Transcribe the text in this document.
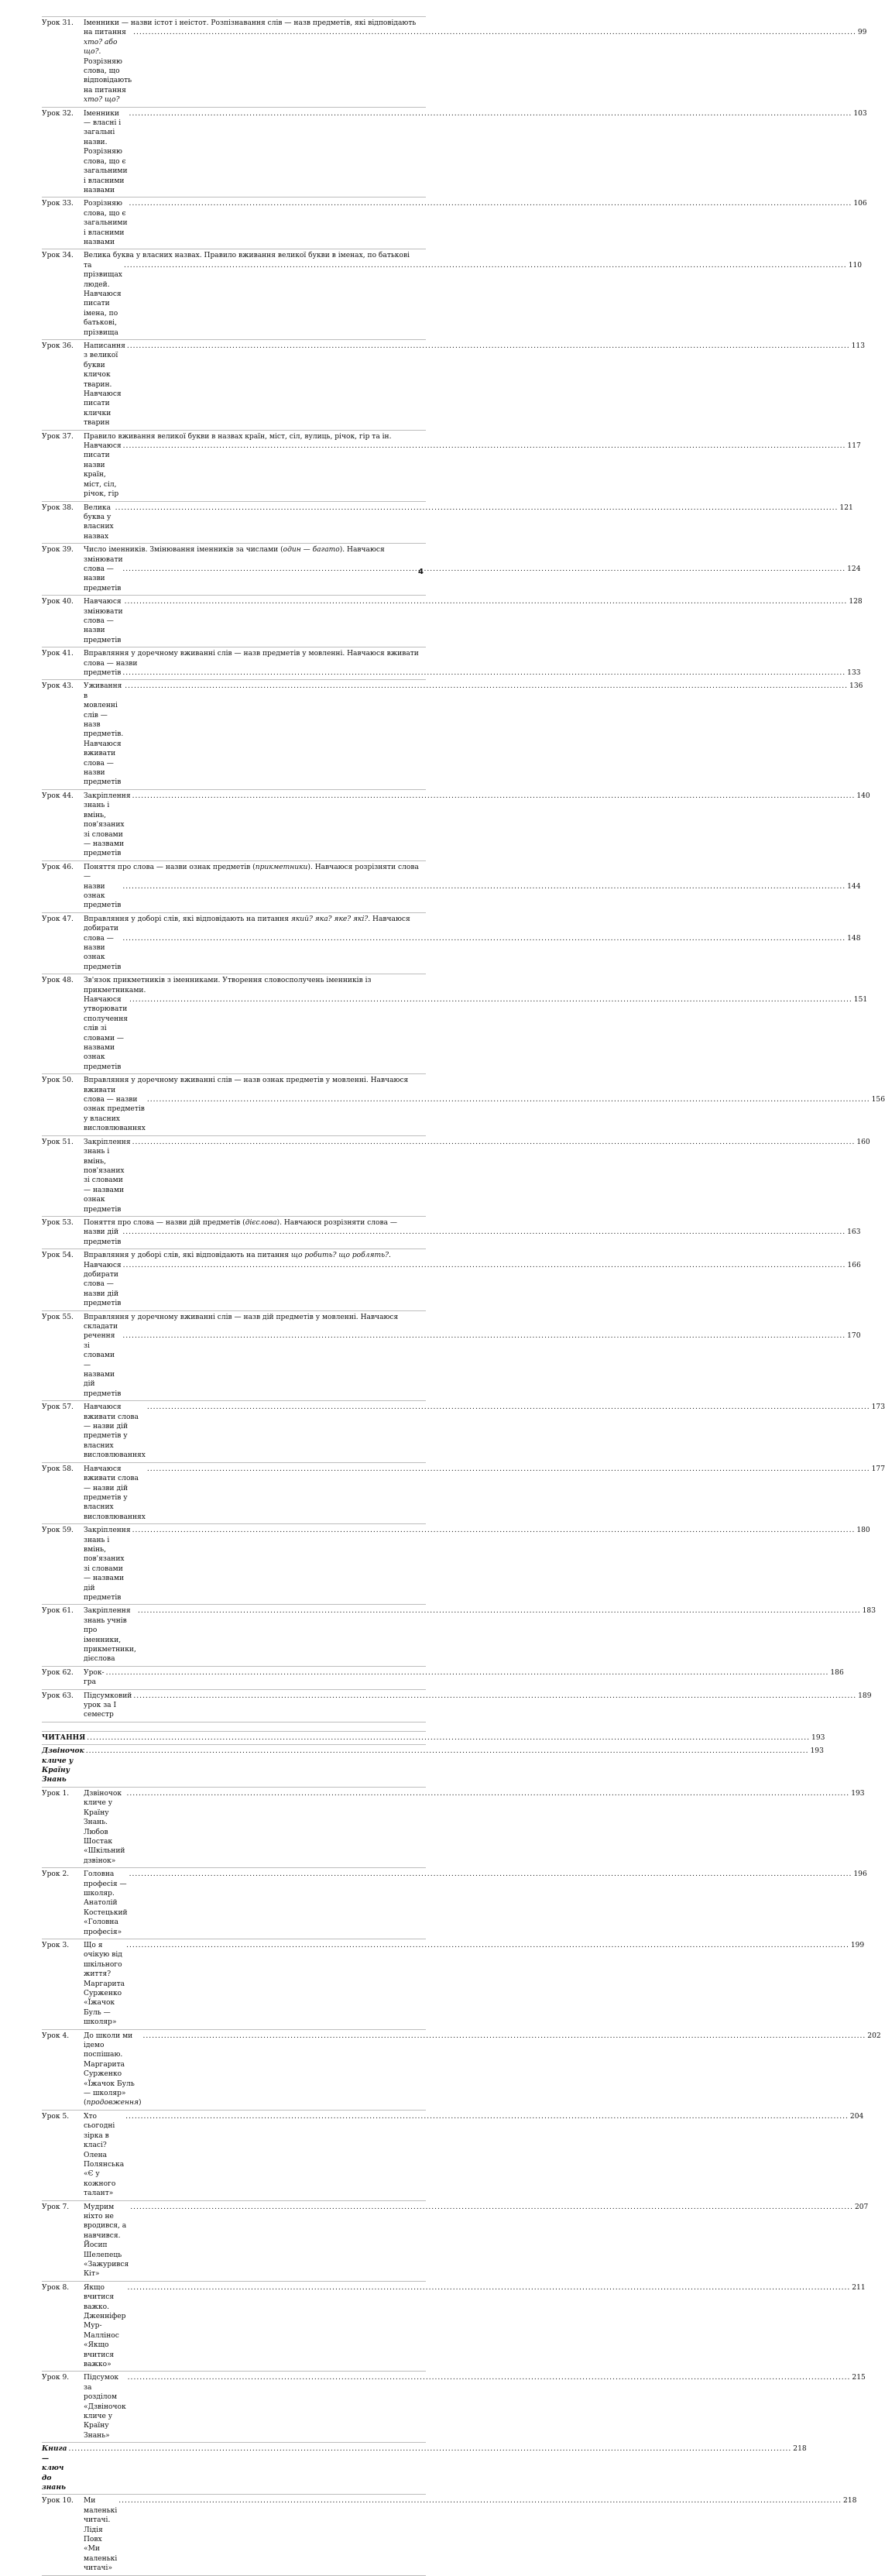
Урок 31. Іменники — назви істот і неістот. Розпізнавання слів — назв предметів, які відповідають
на питання хто? або що?. Розрізняю слова, що відповідають на питання хто? що?
.....
99
Урок 32. Іменники — власні і загальні назви. Розрізняю слова, що є загальними і власними назвами
.....
103
Урок 33. Розрізняю слова, що є загальними і власними назвами
.....
106
Урок 34. Велика буква у власних назвах. Правило вживання великої букви в іменах, по батькові
та прізвищах людей. Навчаюся писати імена, по батькові, прізвища
.....
110
Урок 36. Написання з великої букви кличок тварин. Навчаюся писати клички тварин
.....
113
Урок 37. Правило вживання великої букви в назвах країн, міст, сіл, вулиць, річок, гір та ін.
Навчаюся писати назви країн, міст, сіл, річок, гір
.....
117
Урок 38. Велика буква у власних назвах
.....
121
Урок 39. Число іменників. Змінювання іменників за числами (один — багато). Навчаюся змінювати
слова — назви предметів
.....
124
Урок 40. Навчаюся змінювати слова — назви предметів
.....
128
Урок 41. Вправляння у доречному вживанні слів — назв предметів у мовленні. Навчаюся вживати слова — назви
предметів .....	133
Урок 43. Уживання в мовленні слів — назв предметів. Навчаюся вживати слова — назви предметів
.....
136
Урок 44. Закріплення знань і вмінь, пов'язаних зі словами — назвами предметів
.....
140
Урок 46. Поняття про слова — назви ознак предметів (прикметники). Навчаюся розрізняти слова —
назви ознак предметів
.....
144
Урок 47. Вправляння у доборі слів, які відповідають на питання який? яка? яке? які?. Навчаюся добирати
слова — назви ознак предметів
.....
148
Урок 48. Зв'язок прикметників з іменниками. Утворення словосполучень іменників із прикметниками.
Навчаюся утворювати сполучення слів зі словами — назвами ознак предметів
.....
151
Урок 50. Вправляння у доречному вживанні слів — назв ознак предметів у мовленні. Навчаюся вживати
слова — назви ознак предметів у власних висловлюваннях
.....
156
Урок 51. Закріплення знань і вмінь, пов'язаних зі словами — назвами ознак предметів
.....
160
Урок 53. Поняття про слова — назви дій предметів (дієслова). Навчаюся розрізняти слова —
назви дій предметів
.....
163
Урок 54. Вправляння у доборі слів, які відповідають на питання що робить? що роблять?.
Навчаюся добирати слова — назви дій предметів
.....
166
Урок 55. Вправляння у доречному вживанні слів — назв дій предметів у мовленні. Навчаюся складати
речення зі словами — назвами дій предметів
.....
170
Урок 57. Навчаюся вживати слова — назви дій предметів у власних висловлюваннях
.....
173
Урок 58. Навчаюся вживати слова — назви дій предметів у власних висловлюваннях
.....
177
Урок 59. Закріплення знань і вмінь, пов'язаних зі словами — назвами дій предметів
.....
180
Урок 61. Закріплення знань учнів про іменники, прикметники, дієслова
.....
183
Урок 62. Урок-гра
.....
186
Урок 63. Підсумковий урок за І семестр
.....
189
ЧИТАННЯ .....	193
Дзвіночок кличе у Країну Знань
.....
193
Урок 1. Дзвіночок кличе у Країну Знань. Любов Шостак «Шкільний дзвінок»
.....
193
Урок 2. Головна професія — школяр. Анатолій Костецький «Головна професія»
.....
196
Урок 3. Що я очікую від шкільного життя? Маргарита Сурженко «Їжачок Буль — школяр»
.....
199
Урок 4. До школи ми ідемо поспішаю. Маргарита Сурженко «Їжачок Буль — школяр» (продовження)
.....
202
Урок 5. Хто сьогодні зірка в класі? Олена Полянська «Є у кожного талант»
.....
204
Урок 7. Мудрим ніхто не вродився, а навчився. Йосип Шелепець «Зажурився Кіт»
.....
207
Урок 8. Якщо вчитися важко. Дженніфер Мур-Малліноc «Якщо вчитися важко»
.....
211
Урок 9. Підсумок за розділом «Дзвіночок кличе у Країну Знань»
.....
215
Книга — ключ до знань
.....
218
Урок 10. Ми маленькі читачі. Лідія Повх «Ми маленькі читачі»
.....
218
4
